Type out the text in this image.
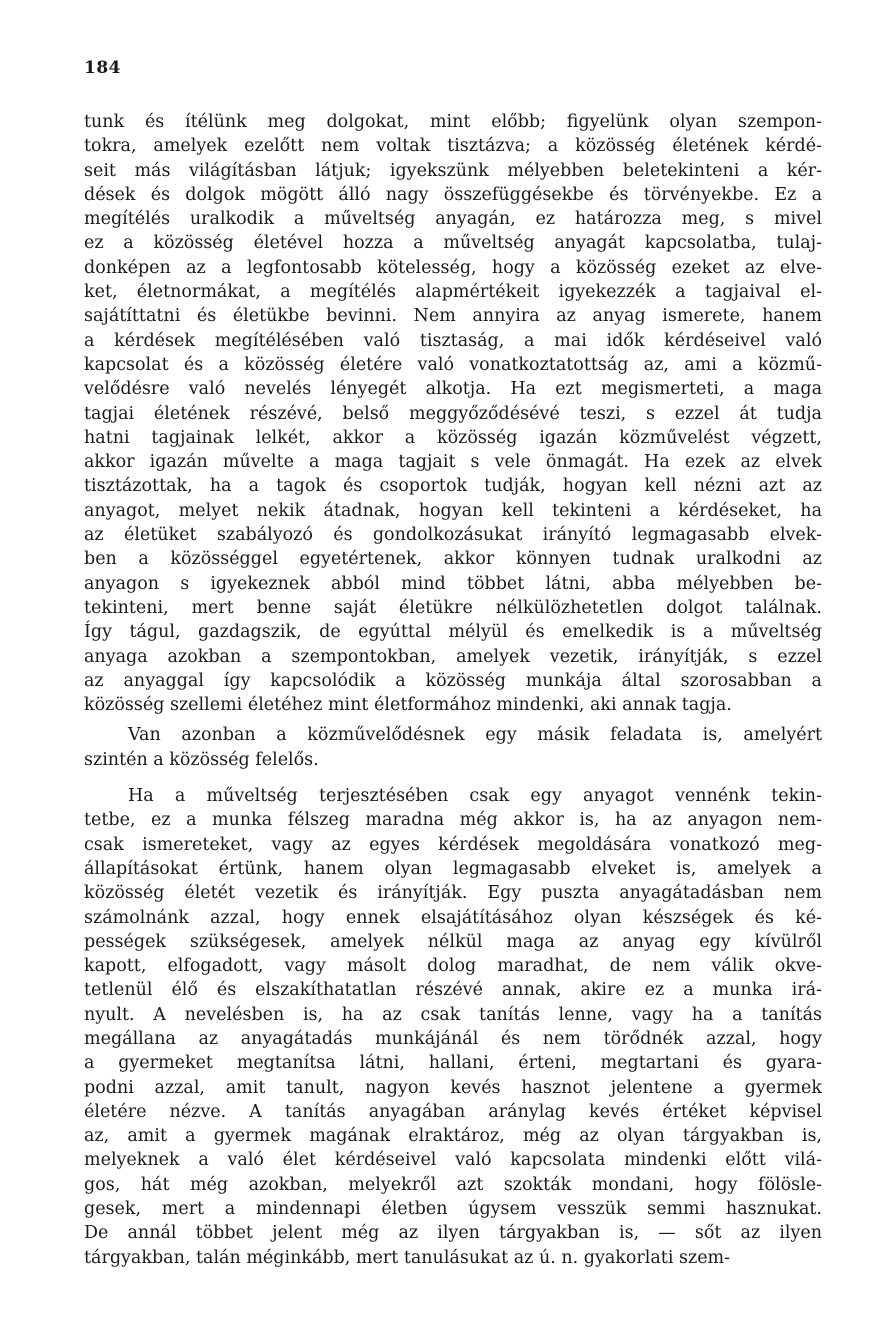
184
tunk és ítélünk meg dolgokat, mint előbb; figyelünk olyan szempon-
tokra, amelyek ezelőtt nem voltak tisztázva; a közösség életének kérdé-
seit más világításban látjuk; igyekszünk mélyebben beletekinteni a kér-
dések és dolgok mögött álló nagy összefüggésekbe és törvényekbe. Ez a
megítélés uralkodik a műveltség anyagán, ez határozza meg, s mivel
ez a közösség életével hozza a műveltség anyagát kapcsolatba, tulaj-
donképen az a legfontosabb kötelesség, hogy a közösség ezeket az elve-
ket, életnormákat, a megítélés alapmértékeit igyekezzék a tagjaival el-
sajátíttatni és életükbe bevinni. Nem annyira az anyag ismerete, hanem
a kérdések megítélésében való tisztaság, a mai idők kérdéseivel való
kapcsolat és a közösség életére való vonatkoztatottság az, ami a közmű-
velődésre való nevelés lényegét alkotja. Ha ezt megismerteti, a maga
tagjai életének részévé, belső meggyőződésévé teszi, s ezzel át tudja
hatni tagjainak lelkét, akkor a közösség igazán közművelést végzett,
akkor igazán művelte a maga tagjait s vele önmagát. Ha ezek az elvek
tisztázottak, ha a tagok és csoportok tudják, hogyan kell nézni azt az
anyagot, melyet nekik átadnak, hogyan kell tekinteni a kérdéseket, ha
az életüket szabályozó és gondolkozásukat irányító legmagasabb elvek-
ben a közösséggel egyetértenek, akkor könnyen tudnak uralkodni az
anyagon s igyekeznek abból mind többet látni, abba mélyebben be-
tekinteni, mert benne saját életükre nélkülözhetetlen dolgot találnak.
Így tágul, gazdagszik, de egyúttal mélyül és emelkedik is a műveltség
anyaga azokban a szempontokban, amelyek vezetik, irányítják, s ezzel
az anyaggal így kapcsolódik a közösség munkája által szorosabban a
közösség szellemi életéhez mint életformához mindenki, aki annak tagja.
Van azonban a közművelődésnek egy másik feladata is, amelyért
szintén a közösség felelős.
Ha a műveltség terjesztésében csak egy anyagot vennénk tekin-
tetbe, ez a munka félszeg maradna még akkor is, ha az anyagon nem-
csak ismereteket, vagy az egyes kérdések megoldására vonatkozó meg-
állapításokat értünk, hanem olyan legmagasabb elveket is, amelyek a
közösség életét vezetik és irányítják. Egy puszta anyagátadásban nem
számolnánk azzal, hogy ennek elsajátításához olyan készségek és ké-
pességek szükségesek, amelyek nélkül maga az anyag egy kívülről
kapott, elfogadott, vagy másolt dolog maradhat, de nem válik okve-
tetlenül élő és elszakíthatatlan részévé annak, akire ez a munka irá-
nyult. A nevelésben is, ha az csak tanítás lenne, vagy ha a tanítás
megállana az anyagátadás munkájánál és nem törődnék azzal, hogy
a gyermeket megtanítsa látni, hallani, érteni, megtartani és gyara-
podni azzal, amit tanult, nagyon kevés hasznot jelentene a gyermek
életére nézve. A tanítás anyagában aránylag kevés értéket képvisel
az, amit a gyermek magának elraktároz, még az olyan tárgyakban is,
melyeknek a való élet kérdéseivel való kapcsolata mindenki előtt vilá-
gos, hát még azokban, melyekről azt szokták mondani, hogy fölösle-
gesek, mert a mindennapi életben úgysem vesszük semmi hasznukat.
De annál többet jelent még az ilyen tárgyakban is, — sőt az ilyen
tárgyakban, talán méginkább, mert tanulásukat az ú. n. gyakorlati szem-
